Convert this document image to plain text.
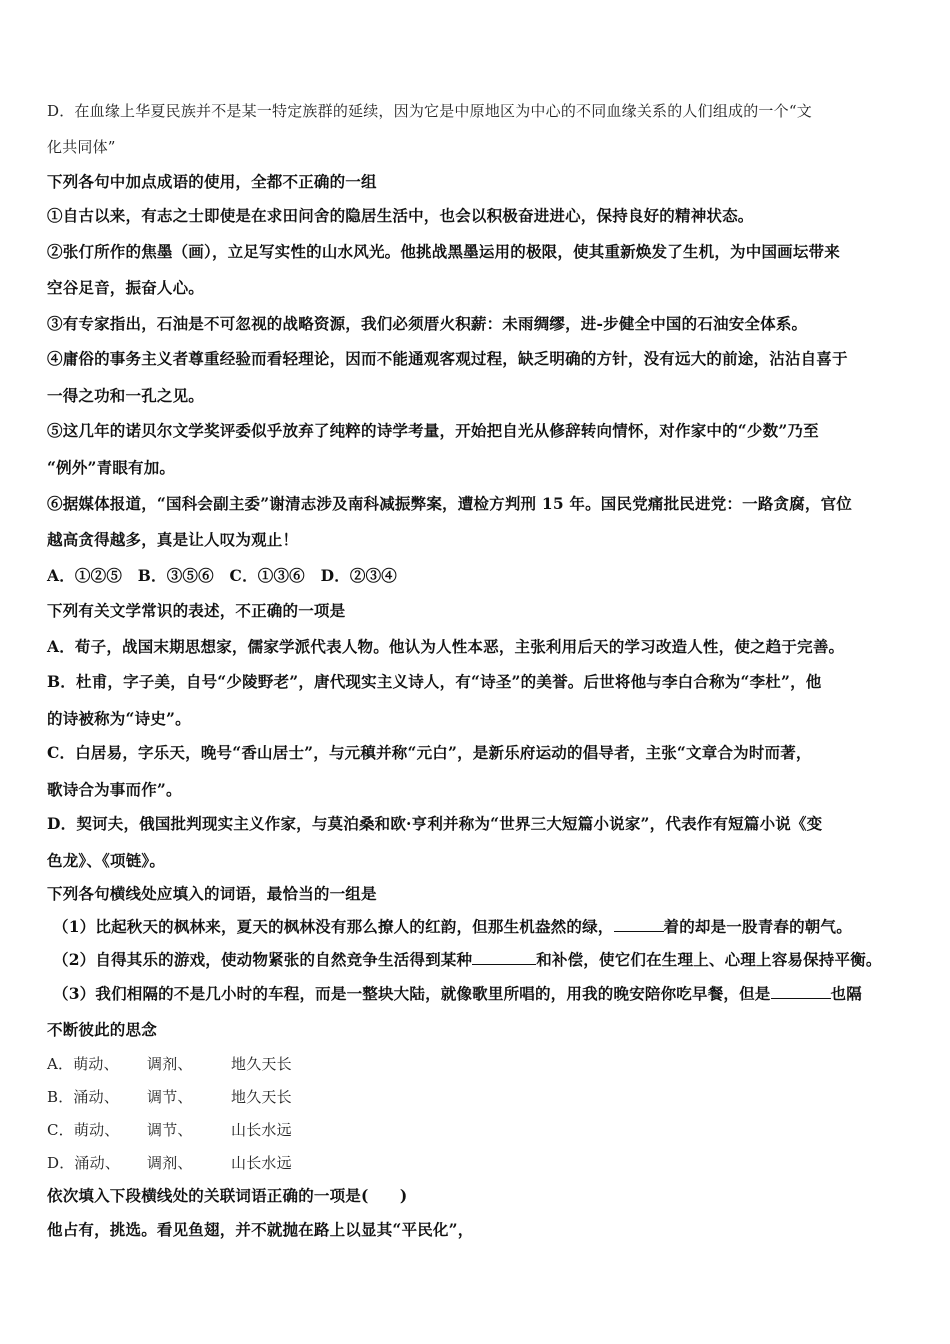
D．在血缘上华夏民族并不是某一特定族群的延续，因为它是中原地区为中心的不同血缘关系的人们组成的一个“文
化共同体”
下列各句中加点成语的使用，全都不正确的一组
①自古以来，有志之士即使是在求田问舍的隐居生活中，也会以积极奋进进心，保持良好的精神状态。
②张仃所作的焦墨（画），立足写实性的山水风光。他挑战黑墨运用的极限，使其重新焕发了生机，为中国画坛带来
空谷足音，振奋人心。
③有专家指出，石油是不可忽视的战略资源，我们必须厝火积薪：未雨绸缪，进-步健全中国的石油安全体系。
④庸俗的事务主义者尊重经验而看轻理论，因而不能通观客观过程，缺乏明确的方针，没有远大的前途，沾沾自喜于
一得之功和一孔之见。
⑤这几年的诺贝尔文学奖评委似乎放弃了纯粹的诗学考量，开始把自光从修辞转向情怀，对作家中的“少数”乃至
“例外”青眼有加。
⑥据媒体报道，“国科会副主委”谢清志涉及南科减振弊案，遭检方判刑 15 年。国民党痛批民进党：一路贪腐，官位
越高贪得越多，真是让人叹为观止！
A．①②⑤　B．③⑤⑥　C．①③⑥　D．②③④
下列有关文学常识的表述，不正确的一项是
A．荀子，战国末期思想家，儒家学派代表人物。他认为人性本恶，主张利用后天的学习改造人性，使之趋于完善。
B．杜甫，字子美，自号“少陵野老”，唐代现实主义诗人，有“诗圣”的美誉。后世将他与李白合称为“李杜”，他
的诗被称为“诗史”。
C．白居易，字乐天，晚号“香山居士”，与元稹并称“元白”，是新乐府运动的倡导者，主张“文章合为时而著，
歌诗合为事而作”。
D．契诃夫，俄国批判现实主义作家，与莫泊桑和欧·亨利并称为“世界三大短篇小说家”，代表作有短篇小说《变
色龙》、《项链》。
下列各句横线处应填入的词语，最恰当的一组是
（1）比起秋天的枫林来，夏天的枫林没有那么撩人的红韵，但那生机盎然的绿，	着的却是一股青春的朝气。
（2）自得其乐的游戏，使动物紧张的自然竞争生活得到某种	和补偿，使它们在生理上、心理上容易保持平衡。
（3）我们相隔的不是几小时的车程，而是一整块大陆，就像歌里所唱的，用我的晚安陪你吃早餐，但是	也隔
不断彼此的思念
A．萌动、 调剂、	地久天长
B．涌动、 调节、	地久天长
C．萌动、 调节、	山长水远
D．涌动、 调剂、	山长水远
依次填入下段横线处的关联词语正确的一项是(　　)
他占有，挑选。看见鱼翅，并不就抛在路上以显其“平民化”，
